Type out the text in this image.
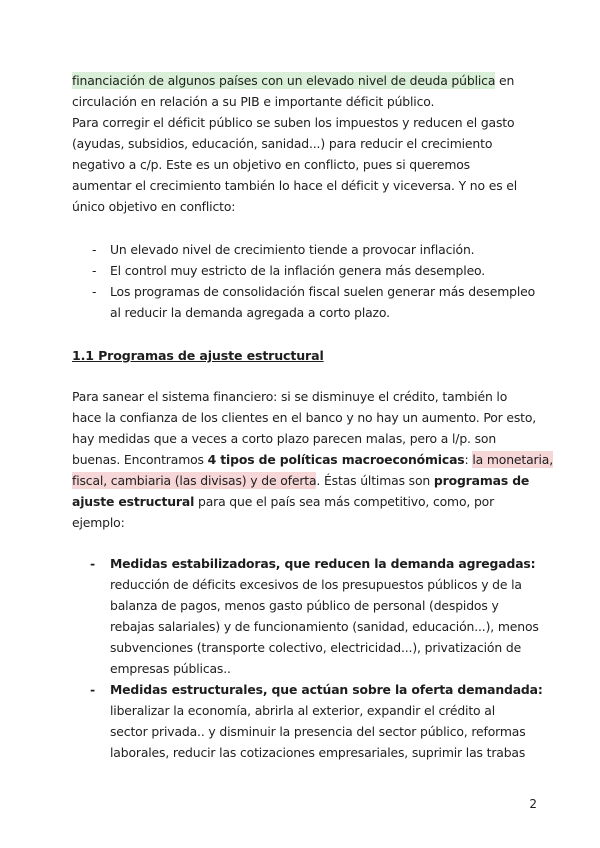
financiación de algunos países con un elevado nivel de deuda pública en
circulación en relación a su PIB e importante déficit público.
Para corregir el déficit público se suben los impuestos y reducen el gasto
(ayudas, subsidios, educación, sanidad...) para reducir el crecimiento
negativo a c/p. Este es un objetivo en conflicto, pues si queremos
aumentar el crecimiento también lo hace el déficit y viceversa. Y no es el
único objetivo en conflicto:
-	Un elevado nivel de crecimiento tiende a provocar inflación.
-	El control muy estricto de la inflación genera más desempleo.
-	Los programas de consolidación fiscal suelen generar más desempleo
al reducir la demanda agregada a corto plazo.
1.1 Programas de ajuste estructural
Para sanear el sistema financiero: si se disminuye el crédito, también lo
hace la confianza de los clientes en el banco y no hay un aumento. Por esto,
hay medidas que a veces a corto plazo parecen malas, pero a l/p. son
buenas. Encontramos 4 tipos de políticas macroeconómicas: la monetaria,
fiscal, cambiaria (las divisas) y de oferta. Éstas últimas son programas de
ajuste estructural para que el país sea más competitivo, como, por
ejemplo:
-	Medidas estabilizadoras, que reducen la demanda agregadas:
reducción de déficits excesivos de los presupuestos públicos y de la
balanza de pagos, menos gasto público de personal (despidos y
rebajas salariales) y de funcionamiento (sanidad, educación...), menos
subvenciones (transporte colectivo, electricidad...), privatización de
empresas públicas..
-	Medidas estructurales, que actúan sobre la oferta demandada:
liberalizar la economía, abrirla al exterior, expandir el crédito al
sector privada.. y disminuir la presencia del sector público, reformas
laborales, reducir las cotizaciones empresariales, suprimir las trabas
2
